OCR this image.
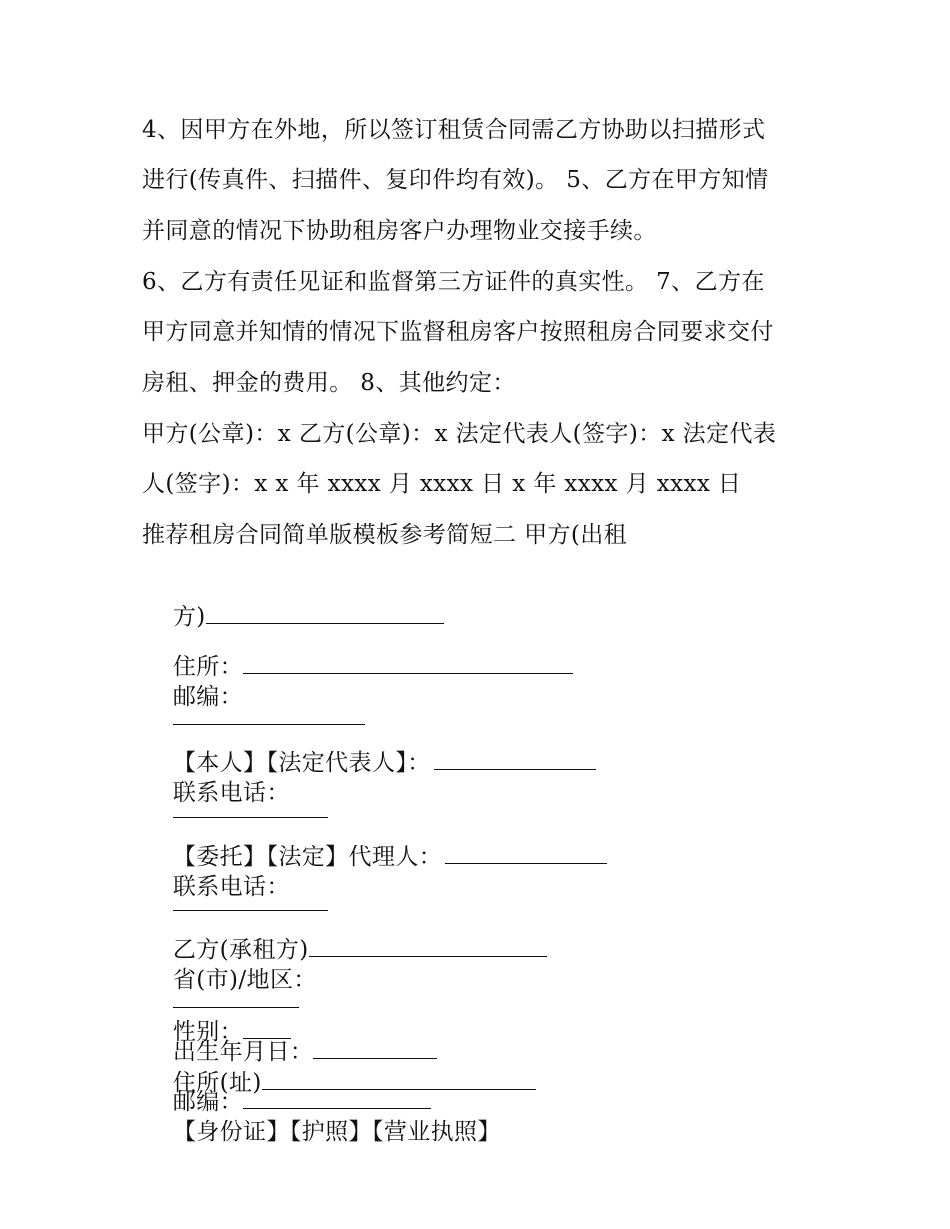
4、因甲方在外地，所以签订租赁合同需乙方协助以扫描形式
进行(传真件、扫描件、复印件均有效)。 5、乙方在甲方知情
并同意的情况下协助租房客户办理物业交接手续。
6、乙方有责任见证和监督第三方证件的真实性。 7、乙方在
甲方同意并知情的情况下监督租房客户按照租房合同要求交付
房租、押金的费用。 8、其他约定：
甲方(公章)：x 乙方(公章)：x 法定代表人(签字)：x 法定代表
人(签字)：x x 年 xxxx 月 xxxx 日 x 年 xxxx 月 xxxx 日
推荐租房合同简单版模板参考简短二 甲方(出租

方)

住所：
邮编：

【本人】【法定代表人】：
联系电话：

【委托】【法定】代理人：
联系电话：

乙方(承租方)
省(市)/地区：

性别：

出生年月日：
住所(址)

邮编：
【身份证】【护照】【营业执照】
